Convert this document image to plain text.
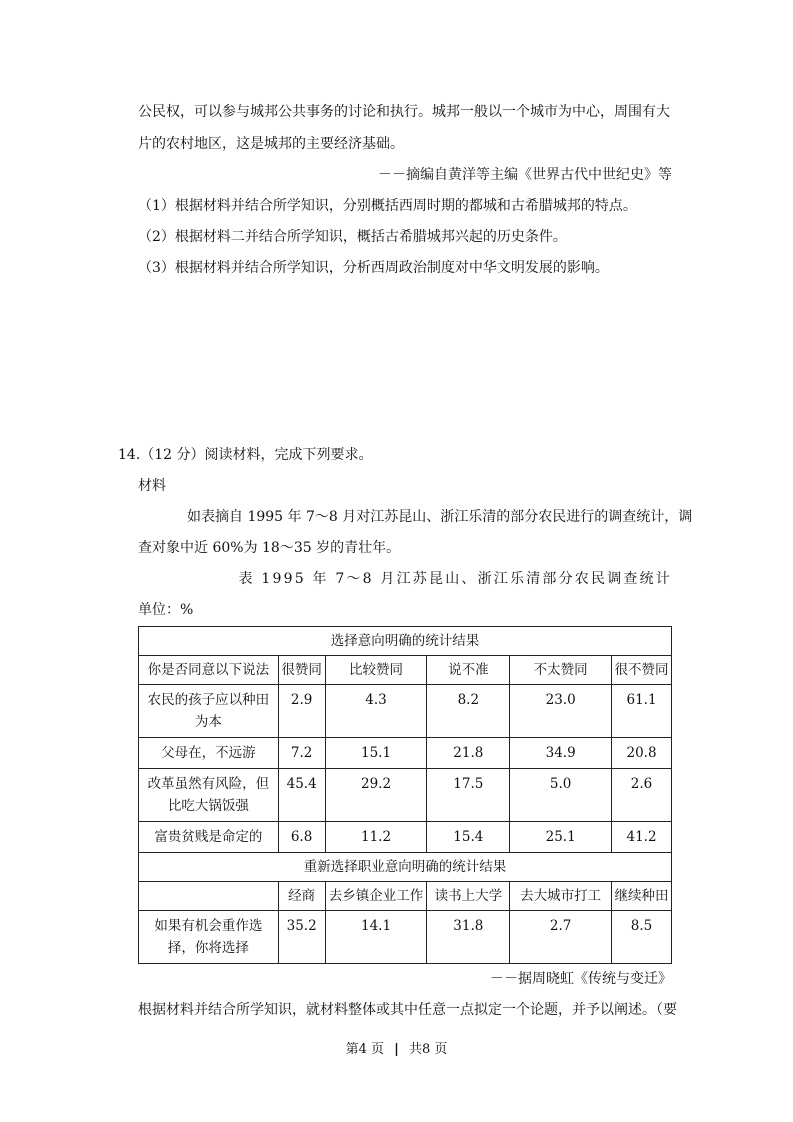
公民权，可以参与城邦公共事务的讨论和执行。城邦一般以一个城市为中心，周围有大
片的农村地区，这是城邦的主要经济基础。
－－摘编自黄洋等主编《世界古代中世纪史》等
（1）根据材料并结合所学知识，分别概括西周时期的都城和古希腊城邦的特点。
（2）根据材料二并结合所学知识，概括古希腊城邦兴起的历史条件。
（3）根据材料并结合所学知识，分析西周政治制度对中华文明发展的影响。
14.（12 分）阅读材料，完成下列要求。
材料
如表摘自 1995 年 7～8 月对江苏昆山、浙江乐清的部分农民进行的调查统计，调
查对象中近 60%为 18～35 岁的青壮年。
表 1995 年 7～8 月江苏昆山、浙江乐清部分农民调查统计
单位：%
选择意向明确的统计结果					
你是否同意以下说法	很赞同	比较赞同	说不准	不太赞同	很不赞同
农民的孩子应以种田为本	2.9	4.3	8.2	23.0	61.1
父母在，不远游	7.2	15.1	21.8	34.9	20.8
改革虽然有风险，但比吃大锅饭强	45.4	29.2	17.5	5.0	2.6
富贵贫贱是命定的	6.8	11.2	15.4	25.1	41.2
重新选择职业意向明确的统计结果					
	经商	去乡镇企业工作	读书上大学	去大城市打工	继续种田
如果有机会重作选择，你将选择	35.2	14.1	31.8	2.7	8.5
－－据周晓虹《传统与变迁》
根据材料并结合所学知识，就材料整体或其中任意一点拟定一个论题，并予以阐述。（要
第4 页 | 共8 页
